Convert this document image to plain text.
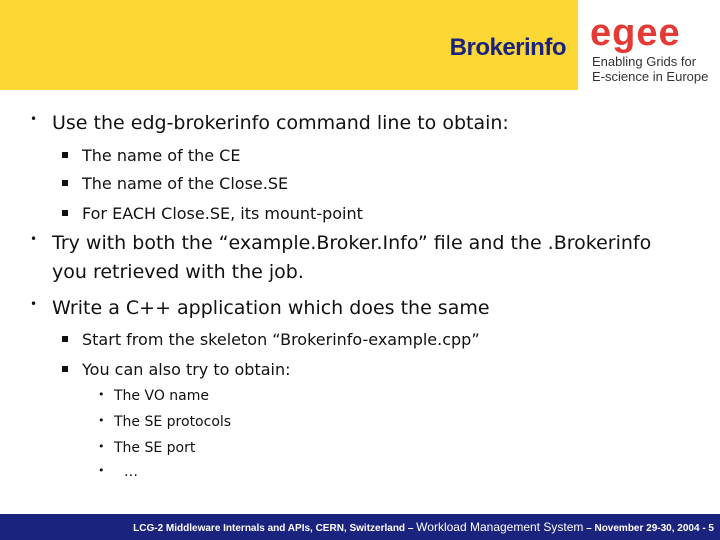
Brokerinfo egee
Enabling Grids for
E-science in Europe
• Use the edg-brokerinfo command line to obtain:
The name of the CE
The name of the Close.SE
For EACH Close.SE, its mount-point
• Try with both the “example.Broker.Info” file and the .Brokerinfo
you retrieved with the job.
• Write a C++ application which does the same
Start from the skeleton “Brokerinfo-example.cpp”
You can also try to obtain:
• The VO name
• The SE protocols
• The SE port
• …
LCG-2 Middleware Internals and APIs, CERN, Switzerland – Workload Management System – November 29-30, 2004 - 5
